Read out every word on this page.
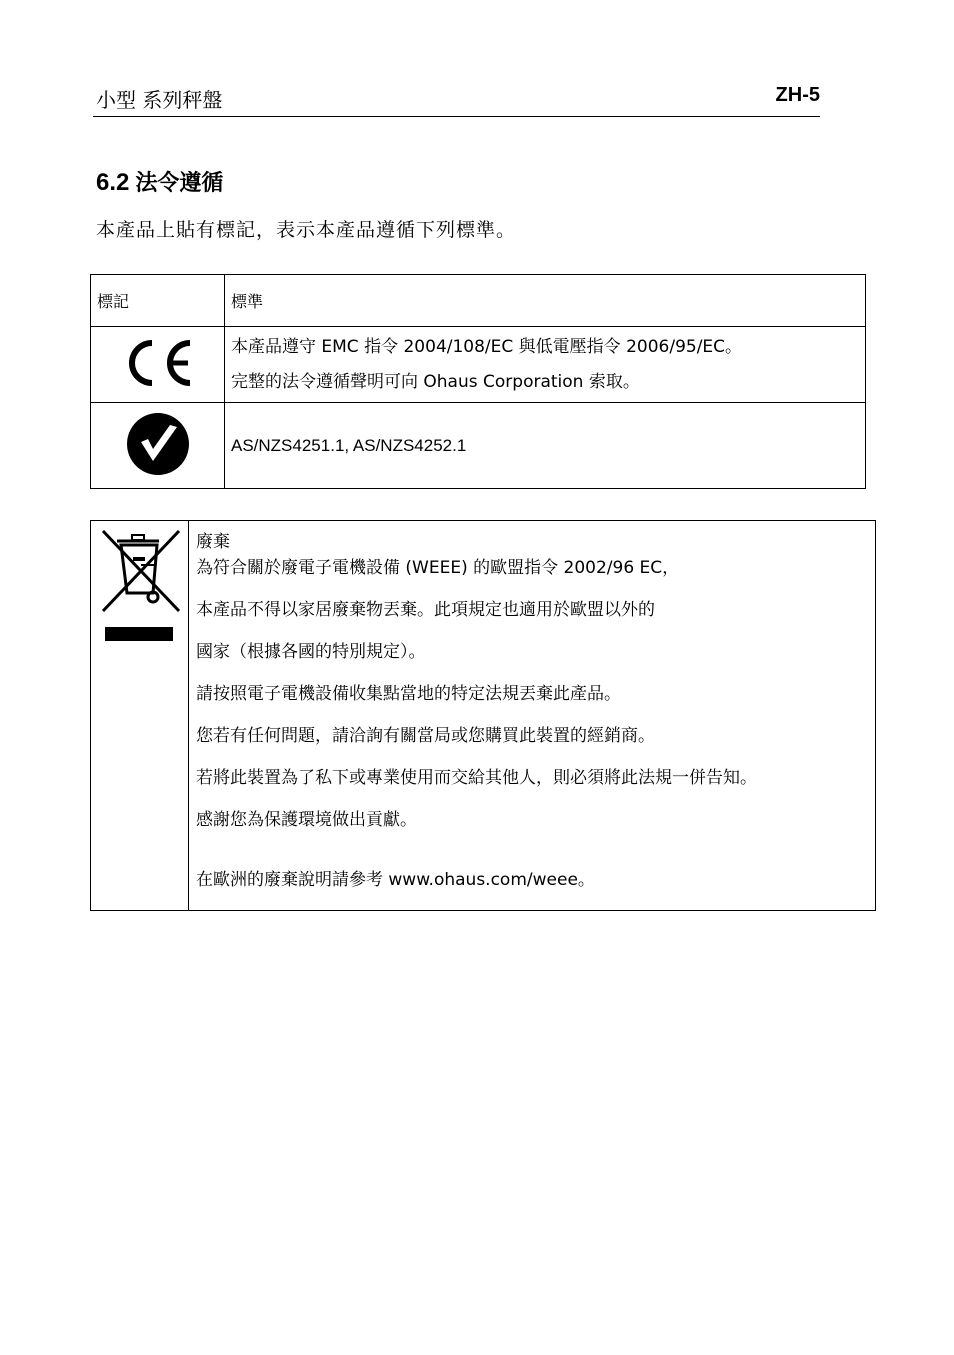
小型 系列秤盤	ZH-5
6.2 法令遵循
本產品上貼有標記，表示本產品遵循下列標準。
標記	標準

本產品遵守 EMC 指令 2004/108/EC 與低電壓指令 2006/95/EC。
完整的法令遵循聲明可向 Ohaus Corporation 索取。

AS/NZS4251.1, AS/NZS4252.1
廢棄
為符合關於廢電子電機設備 (WEEE) 的歐盟指令 2002/96 EC，
本產品不得以家居廢棄物丟棄。此項規定也適用於歐盟以外的
國家（根據各國的特別規定）。
請按照電子電機設備收集點當地的特定法規丟棄此產品。
您若有任何問題，請洽詢有關當局或您購買此裝置的經銷商。
若將此裝置為了私下或專業使用而交給其他人，則必須將此法規一併告知。
感謝您為保護環境做出貢獻。
在歐洲的廢棄說明請參考 www.ohaus.com/weee。
